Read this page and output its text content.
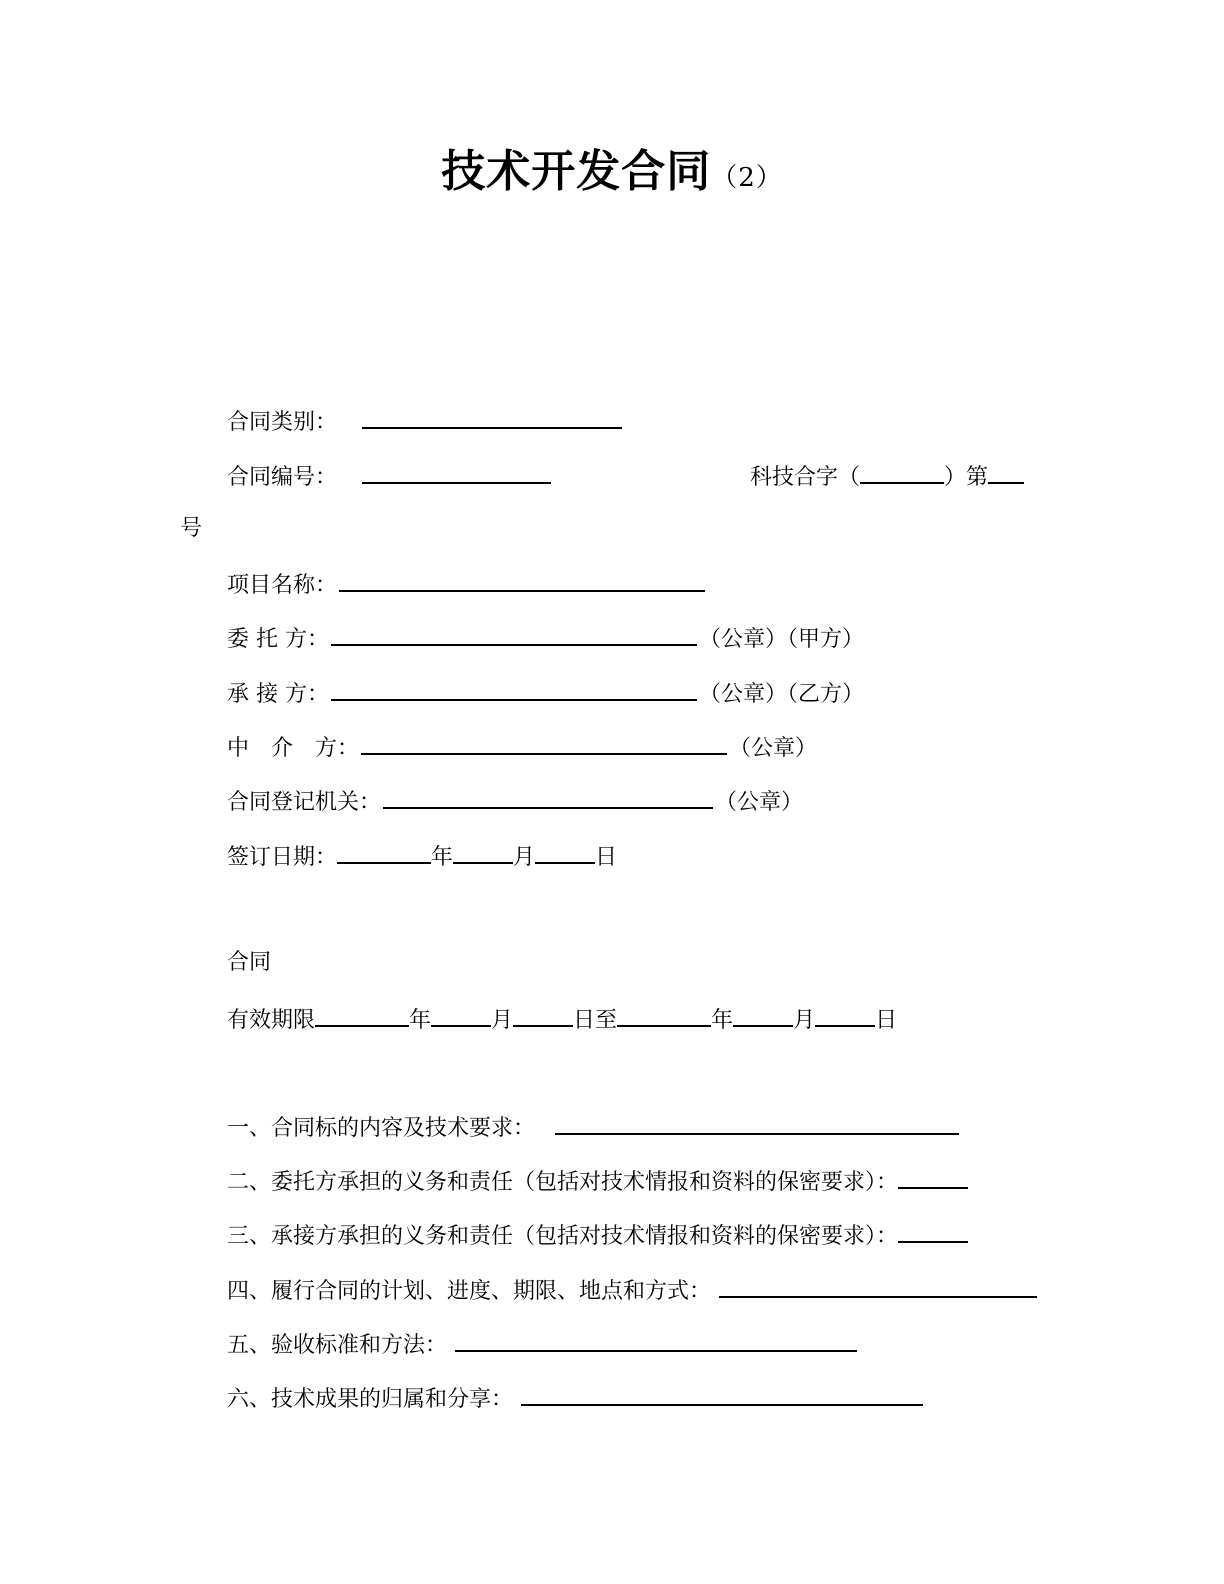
技术开发合同（2）
合同类别：
合同编号：	科技合字（	）第
号
项目名称：
委 托 方：	（公章）（甲方）
承 接 方：	（公章）（乙方）
中　介　方：	（公章）
合同登记机关：	（公章）
签订日期：	年	月	日
合同
有效期限	年	月	日至	年	月	日
一、合同标的内容及技术要求：
二、委托方承担的义务和责任（包括对技术情报和资料的保密要求）：
三、承接方承担的义务和责任（包括对技术情报和资料的保密要求）：
四、履行合同的计划、进度、期限、地点和方式：
五、验收标准和方法：
六、技术成果的归属和分享：
